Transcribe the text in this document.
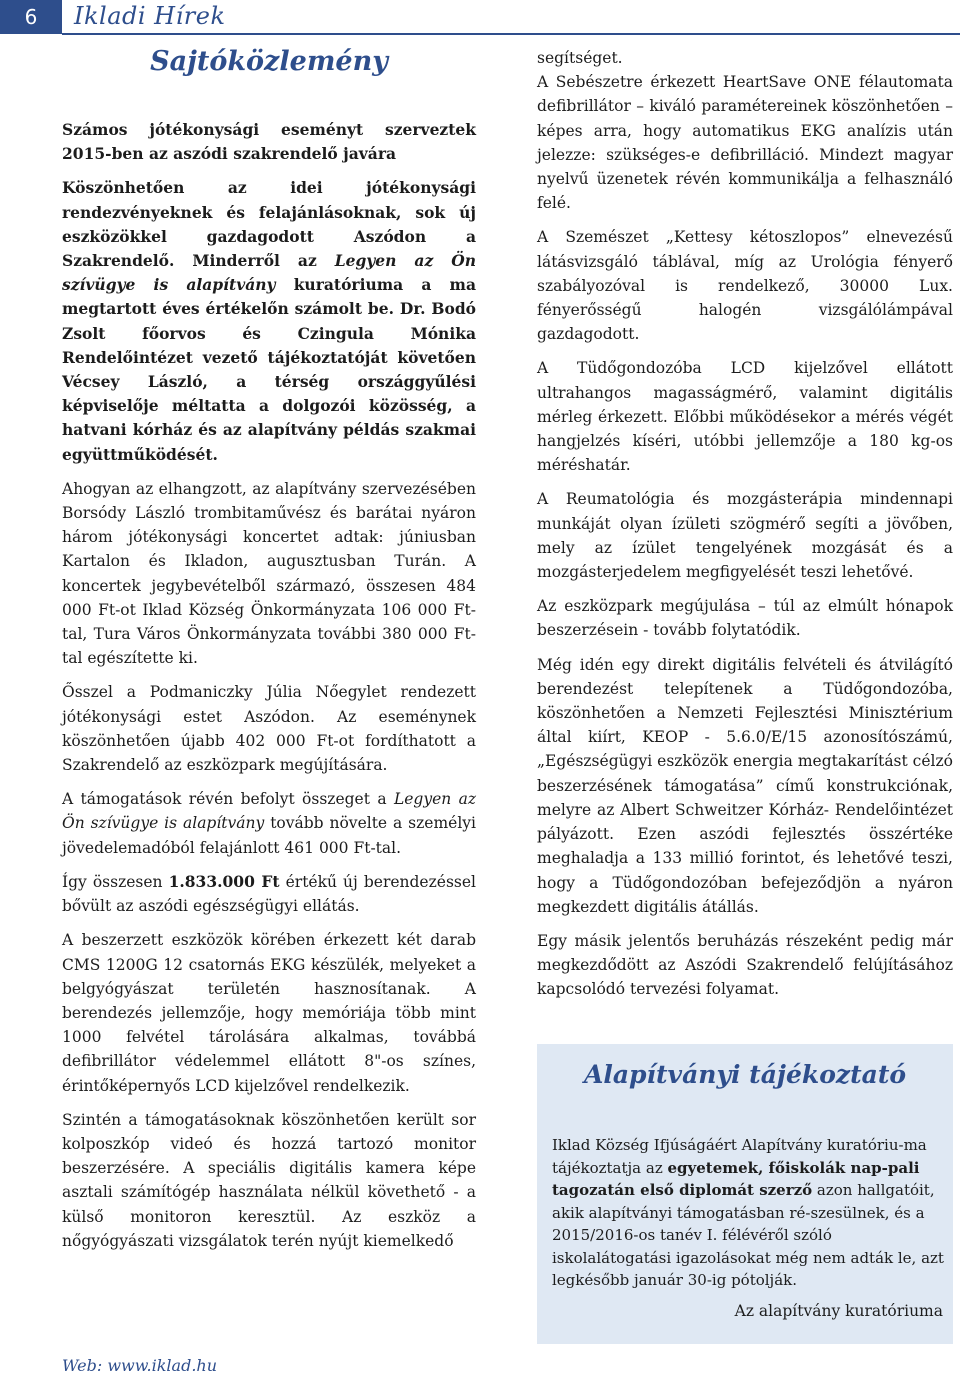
6	Ikladi Hírek
Sajtóközlemény

Számos jótékonysági eseményt szerveztek 2015-ben az aszódi szakrendelő javára

Köszönhetően az idei jótékonysági rendezvényeknek és felajánlásoknak, sok új eszközökkel gazdagodott Aszódon a Szakrendelő. Minderről az Legyen az Ön szívügye is alapítvány kuratóriuma a ma megtartott éves értékelőn számolt be. Dr. Bodó Zsolt főorvos és Czingula Mónika Rendelőintézet vezető tájékoztatóját követően Vécsey László, a térség országgyűlési képviselője méltatta a dolgozói közösség, a hatvani kórház és az alapítvány példás szakmai együttműködését.

Ahogyan az elhangzott, az alapítvány szervezésében Borsódy László trombitaművész és barátai nyáron három jótékonysági koncertet adtak: júniusban Kartalon és Ikladon, augusztusban Turán. A koncertek jegybevételből származó, összesen 484 000 Ft-ot Iklad Község Önkormányzata 106 000 Ft-tal, Tura Város Önkormányzata további 380 000 Ft-tal egészítette ki.

Ősszel a Podmaniczky Júlia Nőegylet rendezett jótékonysági estet Aszódon. Az eseménynek köszönhetően újabb 402 000 Ft-ot fordíthatott a Szakrendelő az eszközpark megújítására.

A támogatások révén befolyt összeget a Legyen az Ön szívügye is alapítvány tovább növelte a személyi jövedelemadóból felajánlott 461 000 Ft-tal.

Így összesen 1.833.000 Ft értékű új berendezéssel bővült az aszódi egészségügyi ellátás.

A beszerzett eszközök körében érkezett két darab CMS 1200G 12 csatornás EKG készülék, melyeket a belgyógyászat területén hasznosítanak. A berendezés jellemzője, hogy memóriája több mint 1000 felvétel tárolására alkalmas, továbbá defibrillátor védelemmel ellátott 8"-os színes, érintőképernyős LCD kijelzővel rendelkezik.

Szintén a támogatásoknak köszönhetően került sor kolposzkóp videó és hozzá tartozó monitor beszerzésére. A speciális digitális kamera képe asztali számítógép használata nélkül követhető - a külső monitoron keresztül. Az eszköz a nőgyógyászati vizsgálatok terén nyújt kiemelkedő

segítséget.

A Sebészetre érkezett HeartSave ONE félautomata defibrillátor – kiváló paramétereinek köszönhetően – képes arra, hogy automatikus EKG analízis után jelezze: szükséges-e defibrilláció. Mindezt magyar nyelvű üzenetek révén kommunikálja a felhasználó felé.

A Szemészet „Kettesy kétoszlopos” elnevezésű látásvizsgáló táblával, míg az Urológia fényerő szabályozóval is rendelkező, 30000 Lux. fényerősségű halogén vizsgálólámpával gazdagodott.

A Tüdőgondozóba LCD kijelzővel ellátott ultrahangos magasságmérő, valamint digitális mérleg érkezett. Előbbi működésekor a mérés végét hangjelzés kíséri, utóbbi jellemzője a 180 kg-os méréshatár.

A Reumatológia és mozgásterápia mindennapi munkáját olyan ízületi szögmérő segíti a jövőben, mely az ízület tengelyének mozgását és a mozgásterjedelem megfigyelését teszi lehetővé.

Az eszközpark megújulása – túl az elmúlt hónapok beszerzésein - tovább folytatódik.

Még idén egy direkt digitális felvételi és átvilágító berendezést telepítenek a Tüdőgondozóba, köszönhetően a Nemzeti Fejlesztési Minisztérium által kiírt, KEOP - 5.6.0/E/15 azonosítószámú, „Egészségügyi eszközök energia megtakarítást célzó beszerzésének támogatása” című konstrukciónak, melyre az Albert Schweitzer Kórház- Rendelőintézet pályázott. Ezen aszódi fejlesztés összértéke meghaladja a 133 millió forintot, és lehetővé teszi, hogy a Tüdőgondozóban befejeződjön a nyáron megkezdett digitális átállás.

Egy másik jelentős beruházás részeként pedig már megkezdődött az Aszódi Szakrendelő felújításához kapcsolódó tervezési folyamat.

Alapítványi tájékoztató
Iklad Község Ifjúságáért Alapítvány kuratóriu-ma tájékoztatja az egyetemek, főiskolák nap-pali tagozatán első diplomát szerző azon hallgatóit, akik alapítványi támogatásban ré-szesülnek, és a 2015/2016-os tanév I. félévéről szóló iskolalátogatási igazolásokat még nem adták le, azt legkésőbb január 30-ig pótolják.
Az alapítvány kuratóriuma
Web: www.iklad.hu
